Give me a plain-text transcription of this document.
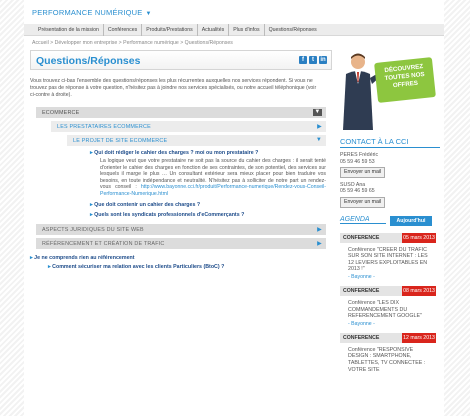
PERFORMANCE NUMÉRIQUE ▼
Présentation de la mission	Conférences	Produits/Prestations	Actualités	Plus d'infos	Questions/Réponses
Accueil > Développer mon entreprise > Performance numérique > Questions/Réponses
Questions/Réponses	f	t	in

Vous trouvez ci-bas l'ensemble des questions/réponses les plus récurrentes auxquelles nos services répondent. Si vous ne trouvez pas de réponse à votre question, n'hésitez pas à joindre nos services spécialisés, ou notre accueil téléphonique (voir ci-contre à droite).

ECOMMERCE	▼
LES PRESTATAIRES ECOMMERCE	▶
LE PROJET DE SITE ECOMMERCE	▼
▸ Qui doit rédiger le cahier des charges ? moi ou mon prestataire ?
La logique veut que votre prestataire ne soit pas la source du cahier des charges : il serait tenté d'orienter le cahier des charges en fonction de ses contraintes, de son potentiel, des services sur lesquels il marge le plus … Un consultant extérieur sera mieux placer pour bien traduire vos besoins, en toute indépendance et neutralité. N'hésitez pas à solliciter de notre part un rendez-vous conseil : http://www.bayonne.cci.fr/produit/Performance-numerique/Rendez-vous-Conseil-Performance-Numerique.html
▸ Que doit contenir un cahier des charges ?
▸ Quels sont les syndicats professionnels d'eCommerçants ?
ASPECTS JURIDIQUES DU SITE WEB	▶
RÉFÉRENCEMENT ET CRÉATION DE TRAFIC	▶
▸ Je ne comprends rien au référencement
▸ Comment sécuriser ma relation avec les clients Particuliers (BtoC) ?
DÉCOUVREZ TOUTES NOS OFFRES
CONTACT À LA CCI
PERES Frédéric
05 59 46 59 53
Envoyer un mail
SUSO Ana
05 59 46 59 65
Envoyer un mail
AGENDA	Aujourd'hui
CONFERENCE	05 mars 2013
Conférence "CREER DU TRAFIC SUR SON SITE INTERNET : LES 12 LEVIERS EXPLOITABLES EN 2013 !"
- Bayonne -
CONFERENCE	08 mars 2013
Conférence "LES DIX COMMANDEMENTS DU REFERENCEMENT GOOGLE"
- Bayonne -
CONFERENCE	12 mars 2013
Conférence "RESPONSIVE DESIGN : SMARTPHONE, TABLETTES, TV CONNECTEE : VOTRE SITE
